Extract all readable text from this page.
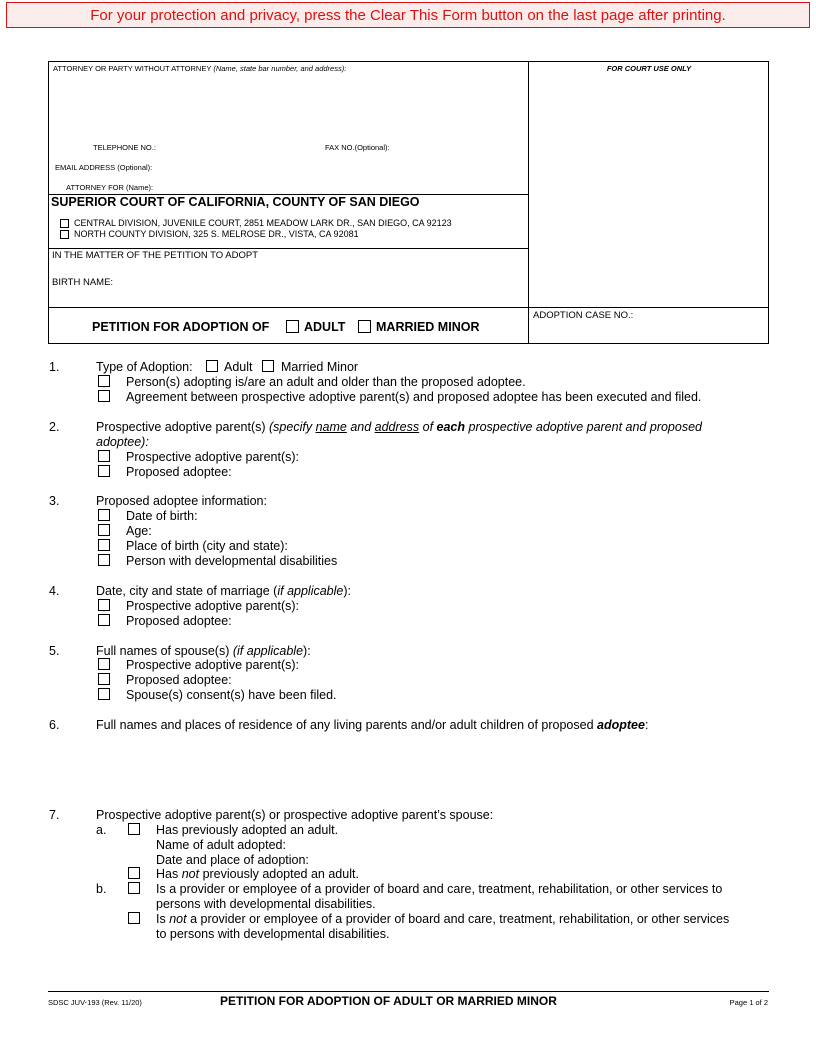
For your protection and privacy, press the Clear This Form button on the last page after printing.
ATTORNEY OR PARTY WITHOUT ATTORNEY (Name, state bar number, and address):	FOR COURT USE ONLY
TELEPHONE NO.:	FAX NO.(Optional):
EMAIL ADDRESS (Optional):
ATTORNEY FOR (Name):
SUPERIOR COURT OF CALIFORNIA, COUNTY OF SAN DIEGO
CENTRAL DIVISION, JUVENILE COURT, 2851 MEADOW LARK DR., SAN DIEGO, CA 92123
NORTH COUNTY DIVISION, 325 S. MELROSE DR., VISTA, CA 92081
IN THE MATTER OF THE PETITION TO ADOPT
BIRTH NAME:
PETITION FOR ADOPTION OF	ADULT MARRIED MINOR
ADOPTION CASE NO.:
1.	Type of Adoption:	Adult Married Minor
Person(s) adopting is/are an adult and older than the proposed adoptee.
Agreement between prospective adoptive parent(s) and proposed adoptee has been executed and filed.
2.	Prospective adoptive parent(s) (specify name and address of each prospective adoptive parent and proposed
adoptee):
Prospective adoptive parent(s):
Proposed adoptee:
3.	Proposed adoptee information:
Date of birth:
Age:
Place of birth (city and state):
Person with developmental disabilities
4.	Date, city and state of marriage (if applicable):
Prospective adoptive parent(s):
Proposed adoptee:
5.	Full names of spouse(s) (if applicable):
Prospective adoptive parent(s):
Proposed adoptee:
Spouse(s) consent(s) have been filed.
6.	Full names and places of residence of any living parents and/or adult children of proposed adoptee:
7.	Prospective adoptive parent(s) or prospective adoptive parent’s spouse:
a.	Has previously adopted an adult.
Name of adult adopted:
Date and place of adoption:
Has not previously adopted an adult.
b.	Is a provider or employee of a provider of board and care, treatment, rehabilitation, or other services to
persons with developmental disabilities.
Is not a provider or employee of a provider of board and care, treatment, rehabilitation, or other services
to persons with developmental disabilities.
SDSC JUV-193 (Rev. 11/20)	PETITION FOR ADOPTION OF ADULT OR MARRIED MINOR	Page 1 of 2
